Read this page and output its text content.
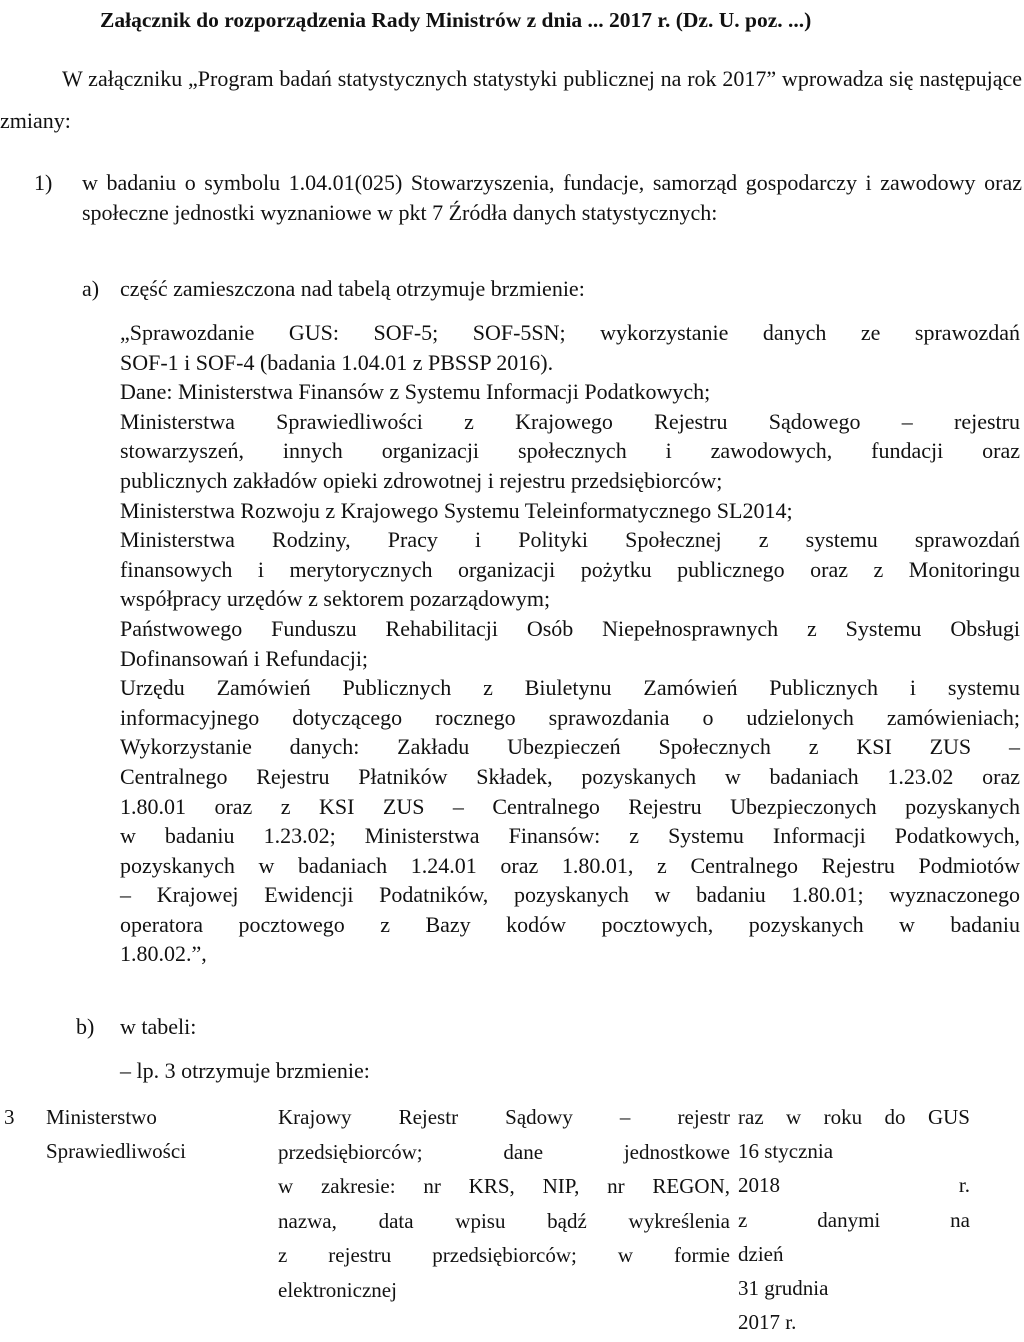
Załącznik do rozporządzenia Rady Ministrów z dnia ... 2017 r. (Dz. U. poz. ...)
W załączniku „Program badań statystycznych statystyki publicznej na rok 2017” wprowadza się następujące zmiany:
1) w badaniu o symbolu 1.04.01(025) Stowarzyszenia, fundacje, samorząd gospodarczy i zawodowy oraz społeczne jednostki wyznaniowe w pkt 7 Źródła danych statystycznych:
a) część zamieszczona nad tabelą otrzymuje brzmienie:
„Sprawozdanie GUS: SOF-5; SOF-5SN; wykorzystanie danych ze sprawozdań
SOF-1 i SOF-4 (badania 1.04.01 z PBSSP 2016).
Dane: Ministerstwa Finansów z Systemu Informacji Podatkowych;
Ministerstwa Sprawiedliwości z Krajowego Rejestru Sądowego – rejestru
stowarzyszeń, innych organizacji społecznych i zawodowych, fundacji oraz
publicznych zakładów opieki zdrowotnej i rejestru przedsiębiorców;
Ministerstwa Rozwoju z Krajowego Systemu Teleinformatycznego SL2014;
Ministerstwa Rodziny, Pracy i Polityki Społecznej z systemu sprawozdań
finansowych i merytorycznych organizacji pożytku publicznego oraz z Monitoringu
współpracy urzędów z sektorem pozarządowym;
Państwowego Funduszu Rehabilitacji Osób Niepełnosprawnych z Systemu Obsługi
Dofinansowań i Refundacji;
Urzędu Zamówień Publicznych z Biuletynu Zamówień Publicznych i systemu
informacyjnego dotyczącego rocznego sprawozdania o udzielonych zamówieniach;
Wykorzystanie danych: Zakładu Ubezpieczeń Społecznych z KSI ZUS –
Centralnego Rejestru Płatników Składek, pozyskanych w badaniach 1.23.02 oraz
1.80.01 oraz z KSI ZUS – Centralnego Rejestru Ubezpieczonych pozyskanych
w badaniu 1.23.02; Ministerstwa Finansów: z Systemu Informacji Podatkowych,
pozyskanych w badaniach 1.24.01 oraz 1.80.01, z Centralnego Rejestru Podmiotów
– Krajowej Ewidencji Podatników, pozyskanych w badaniu 1.80.01; wyznaczonego
operatora pocztowego z Bazy kodów pocztowych, pozyskanych w badaniu
1.80.02.”,
b) w tabeli:
– lp. 3 otrzymuje brzmienie:
3 Ministerstwo
Sprawiedliwości
Krajowy Rejestr Sądowy – rejestr
przedsiębiorców; dane jednostkowe
w zakresie: nr KRS, NIP, nr REGON,
nazwa, data wpisu bądź wykreślenia
z rejestru przedsiębiorców; w formie
elektronicznej
raz w roku do GUS
16 stycznia
2018 r.
z danymi na
dzień
31 grudnia
2017 r.
